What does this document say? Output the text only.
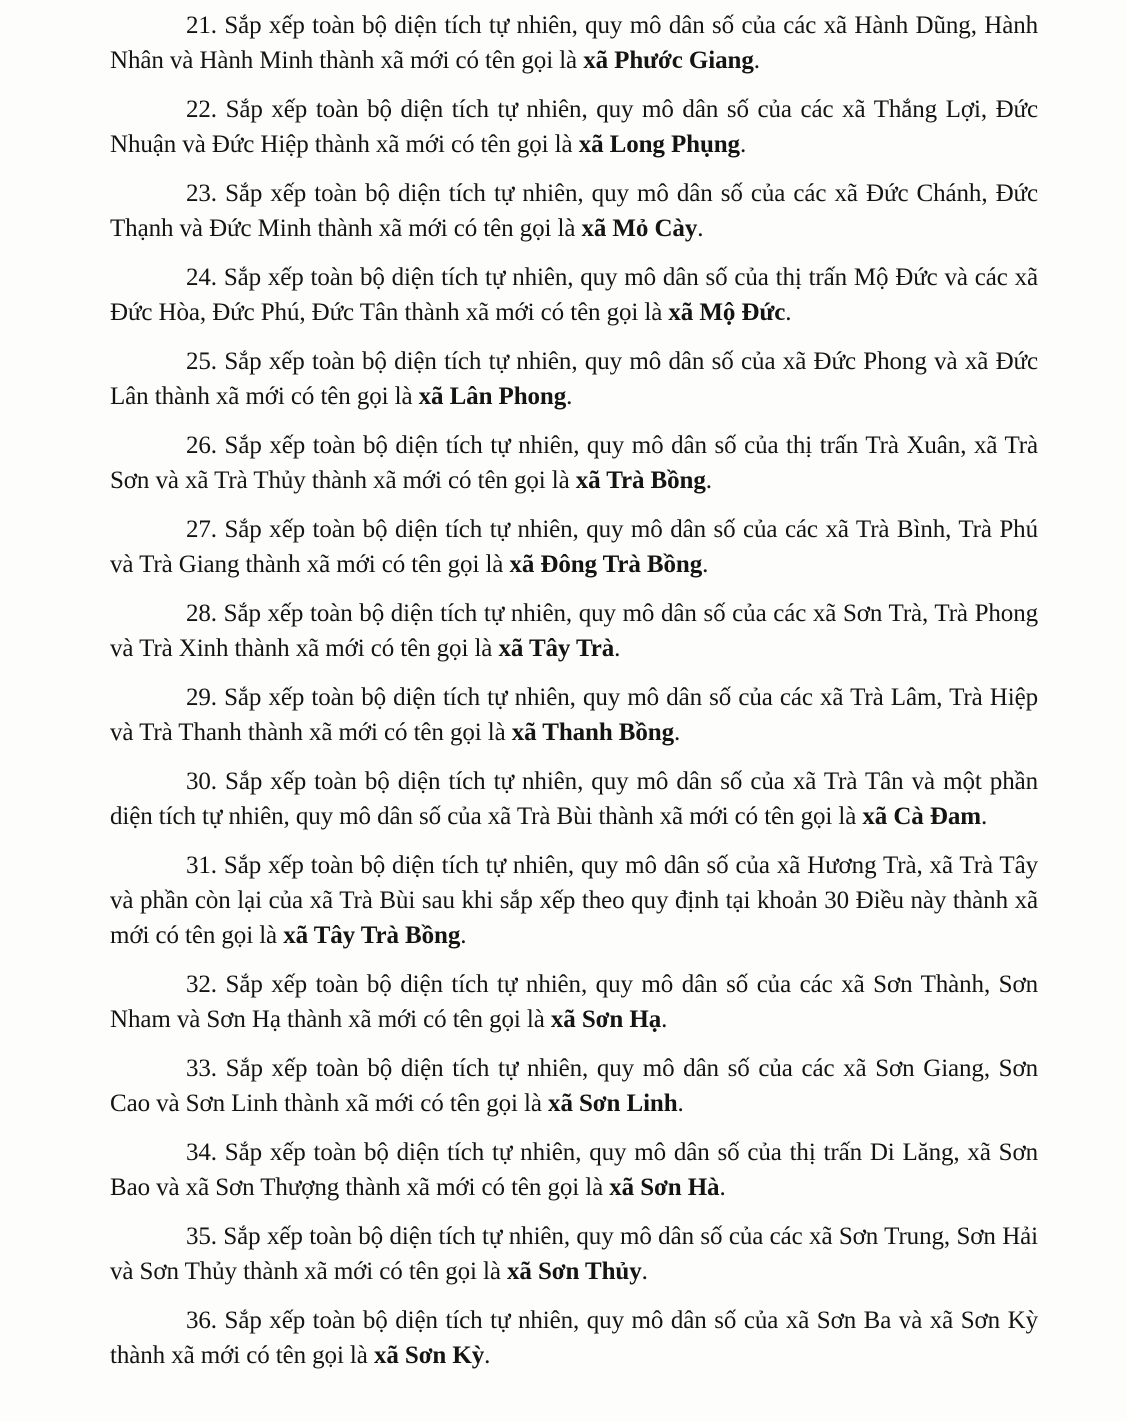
21. Sắp xếp toàn bộ diện tích tự nhiên, quy mô dân số của các xã Hành Dũng, Hành Nhân và Hành Minh thành xã mới có tên gọi là xã Phước Giang.

22. Sắp xếp toàn bộ diện tích tự nhiên, quy mô dân số của các xã Thắng Lợi, Đức Nhuận và Đức Hiệp thành xã mới có tên gọi là xã Long Phụng.

23. Sắp xếp toàn bộ diện tích tự nhiên, quy mô dân số của các xã Đức Chánh, Đức Thạnh và Đức Minh thành xã mới có tên gọi là xã Mỏ Cày.

24. Sắp xếp toàn bộ diện tích tự nhiên, quy mô dân số của thị trấn Mộ Đức và các xã Đức Hòa, Đức Phú, Đức Tân thành xã mới có tên gọi là xã Mộ Đức.

25. Sắp xếp toàn bộ diện tích tự nhiên, quy mô dân số của xã Đức Phong và xã Đức Lân thành xã mới có tên gọi là xã Lân Phong.

26. Sắp xếp toàn bộ diện tích tự nhiên, quy mô dân số của thị trấn Trà Xuân, xã Trà Sơn và xã Trà Thủy thành xã mới có tên gọi là xã Trà Bồng.

27. Sắp xếp toàn bộ diện tích tự nhiên, quy mô dân số của các xã Trà Bình, Trà Phú và Trà Giang thành xã mới có tên gọi là xã Đông Trà Bồng.

28. Sắp xếp toàn bộ diện tích tự nhiên, quy mô dân số của các xã Sơn Trà, Trà Phong và Trà Xinh thành xã mới có tên gọi là xã Tây Trà.

29. Sắp xếp toàn bộ diện tích tự nhiên, quy mô dân số của các xã Trà Lâm, Trà Hiệp và Trà Thanh thành xã mới có tên gọi là xã Thanh Bồng.

30. Sắp xếp toàn bộ diện tích tự nhiên, quy mô dân số của xã Trà Tân và một phần diện tích tự nhiên, quy mô dân số của xã Trà Bùi thành xã mới có tên gọi là xã Cà Đam.

31. Sắp xếp toàn bộ diện tích tự nhiên, quy mô dân số của xã Hương Trà, xã Trà Tây và phần còn lại của xã Trà Bùi sau khi sắp xếp theo quy định tại khoản 30 Điều này thành xã mới có tên gọi là xã Tây Trà Bồng.

32. Sắp xếp toàn bộ diện tích tự nhiên, quy mô dân số của các xã Sơn Thành, Sơn Nham và Sơn Hạ thành xã mới có tên gọi là xã Sơn Hạ.

33. Sắp xếp toàn bộ diện tích tự nhiên, quy mô dân số của các xã Sơn Giang, Sơn Cao và Sơn Linh thành xã mới có tên gọi là xã Sơn Linh.

34. Sắp xếp toàn bộ diện tích tự nhiên, quy mô dân số của thị trấn Di Lăng, xã Sơn Bao và xã Sơn Thượng thành xã mới có tên gọi là xã Sơn Hà.

35. Sắp xếp toàn bộ diện tích tự nhiên, quy mô dân số của các xã Sơn Trung, Sơn Hải và Sơn Thủy thành xã mới có tên gọi là xã Sơn Thủy.

36. Sắp xếp toàn bộ diện tích tự nhiên, quy mô dân số của xã Sơn Ba và xã Sơn Kỳ thành xã mới có tên gọi là xã Sơn Kỳ.
